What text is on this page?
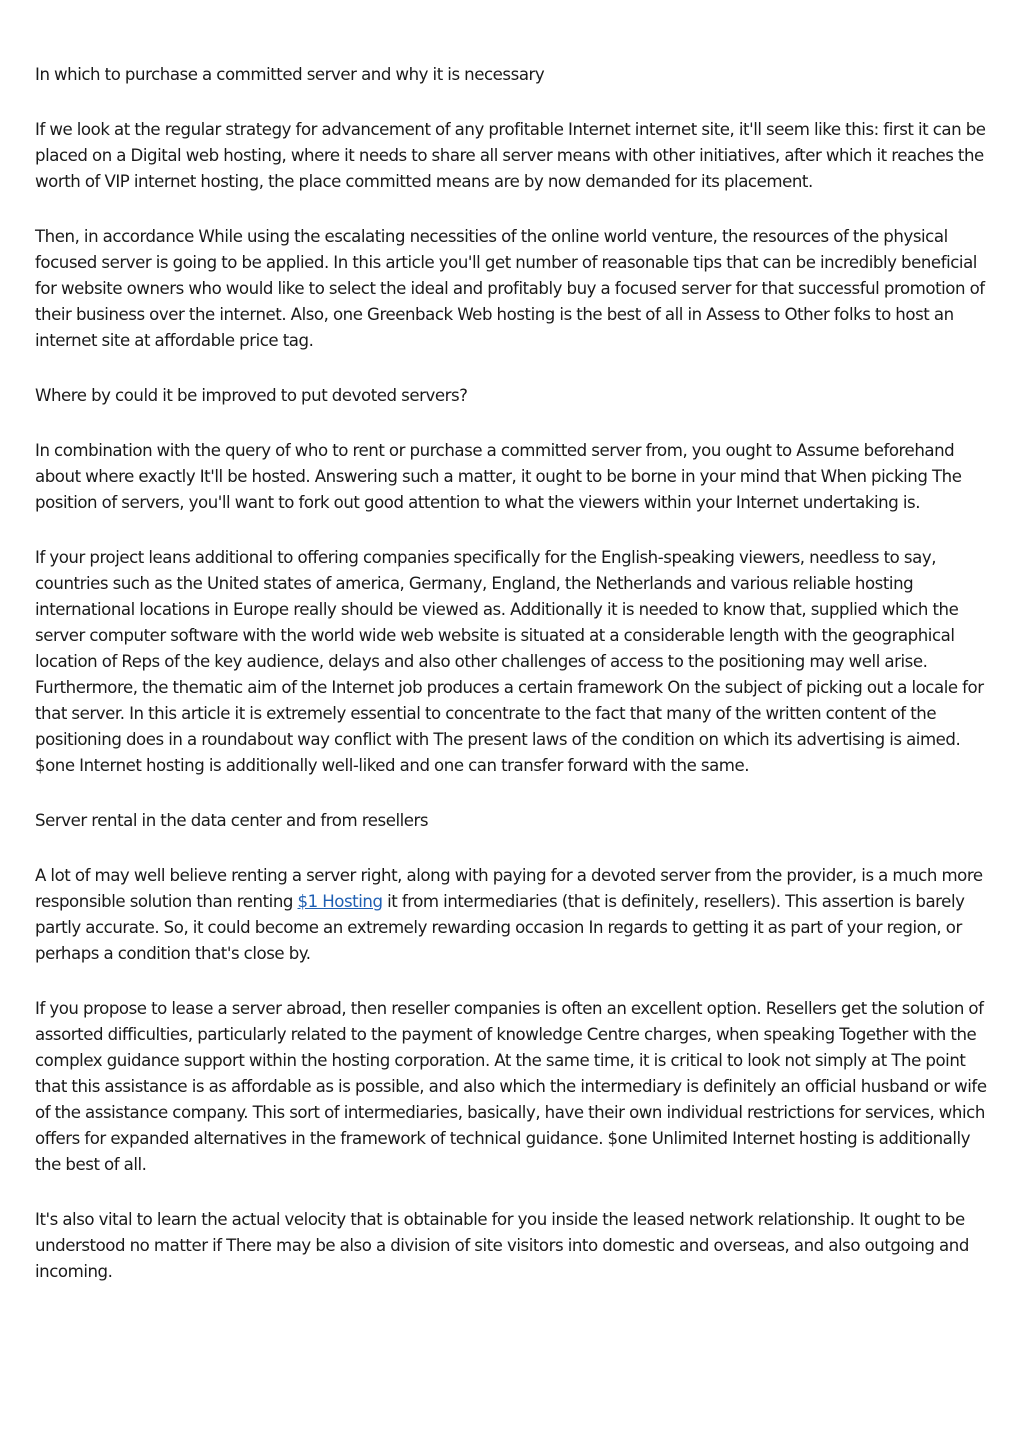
In which to purchase a committed server and why it is necessary

If we look at the regular strategy for advancement of any profitable Internet internet site, it'll seem like this: first it can be placed on a Digital web hosting, where it needs to share all server means with other initiatives, after which it reaches the worth of VIP internet hosting, the place committed means are by now demanded for its placement.

Then, in accordance While using the escalating necessities of the online world venture, the resources of the physical focused server is going to be applied. In this article you'll get number of reasonable tips that can be incredibly beneficial for website owners who would like to select the ideal and profitably buy a focused server for that successful promotion of their business over the internet. Also, one Greenback Web hosting is the best of all in Assess to Other folks to host an internet site at affordable price tag.

Where by could it be improved to put devoted servers?

In combination with the query of who to rent or purchase a committed server from, you ought to Assume beforehand about where exactly It'll be hosted. Answering such a matter, it ought to be borne in your mind that When picking The position of servers, you'll want to fork out good attention to what the viewers within your Internet undertaking is.

If your project leans additional to offering companies specifically for the English-speaking viewers, needless to say, countries such as the United states of america, Germany, England, the Netherlands and various reliable hosting international locations in Europe really should be viewed as. Additionally it is needed to know that, supplied which the server computer software with the world wide web website is situated at a considerable length with the geographical location of Reps of the key audience, delays and also other challenges of access to the positioning may well arise. Furthermore, the thematic aim of the Internet job produces a certain framework On the subject of picking out a locale for that server. In this article it is extremely essential to concentrate to the fact that many of the written content of the positioning does in a roundabout way conflict with The present laws of the condition on which its advertising is aimed. $one Internet hosting is additionally well-liked and one can transfer forward with the same.

Server rental in the data center and from resellers

A lot of may well believe renting a server right, along with paying for a devoted server from the provider, is a much more responsible solution than renting $1 Hosting it from intermediaries (that is definitely, resellers). This assertion is barely partly accurate. So, it could become an extremely rewarding occasion In regards to getting it as part of your region, or perhaps a condition that's close by.

If you propose to lease a server abroad, then reseller companies is often an excellent option. Resellers get the solution of assorted difficulties, particularly related to the payment of knowledge Centre charges, when speaking Together with the complex guidance support within the hosting corporation. At the same time, it is critical to look not simply at The point that this assistance is as affordable as is possible, and also which the intermediary is definitely an official husband or wife of the assistance company. This sort of intermediaries, basically, have their own individual restrictions for services, which offers for expanded alternatives in the framework of technical guidance. $one Unlimited Internet hosting is additionally the best of all.

It's also vital to learn the actual velocity that is obtainable for you inside the leased network relationship. It ought to be understood no matter if There may be also a division of site visitors into domestic and overseas, and also outgoing and incoming.
